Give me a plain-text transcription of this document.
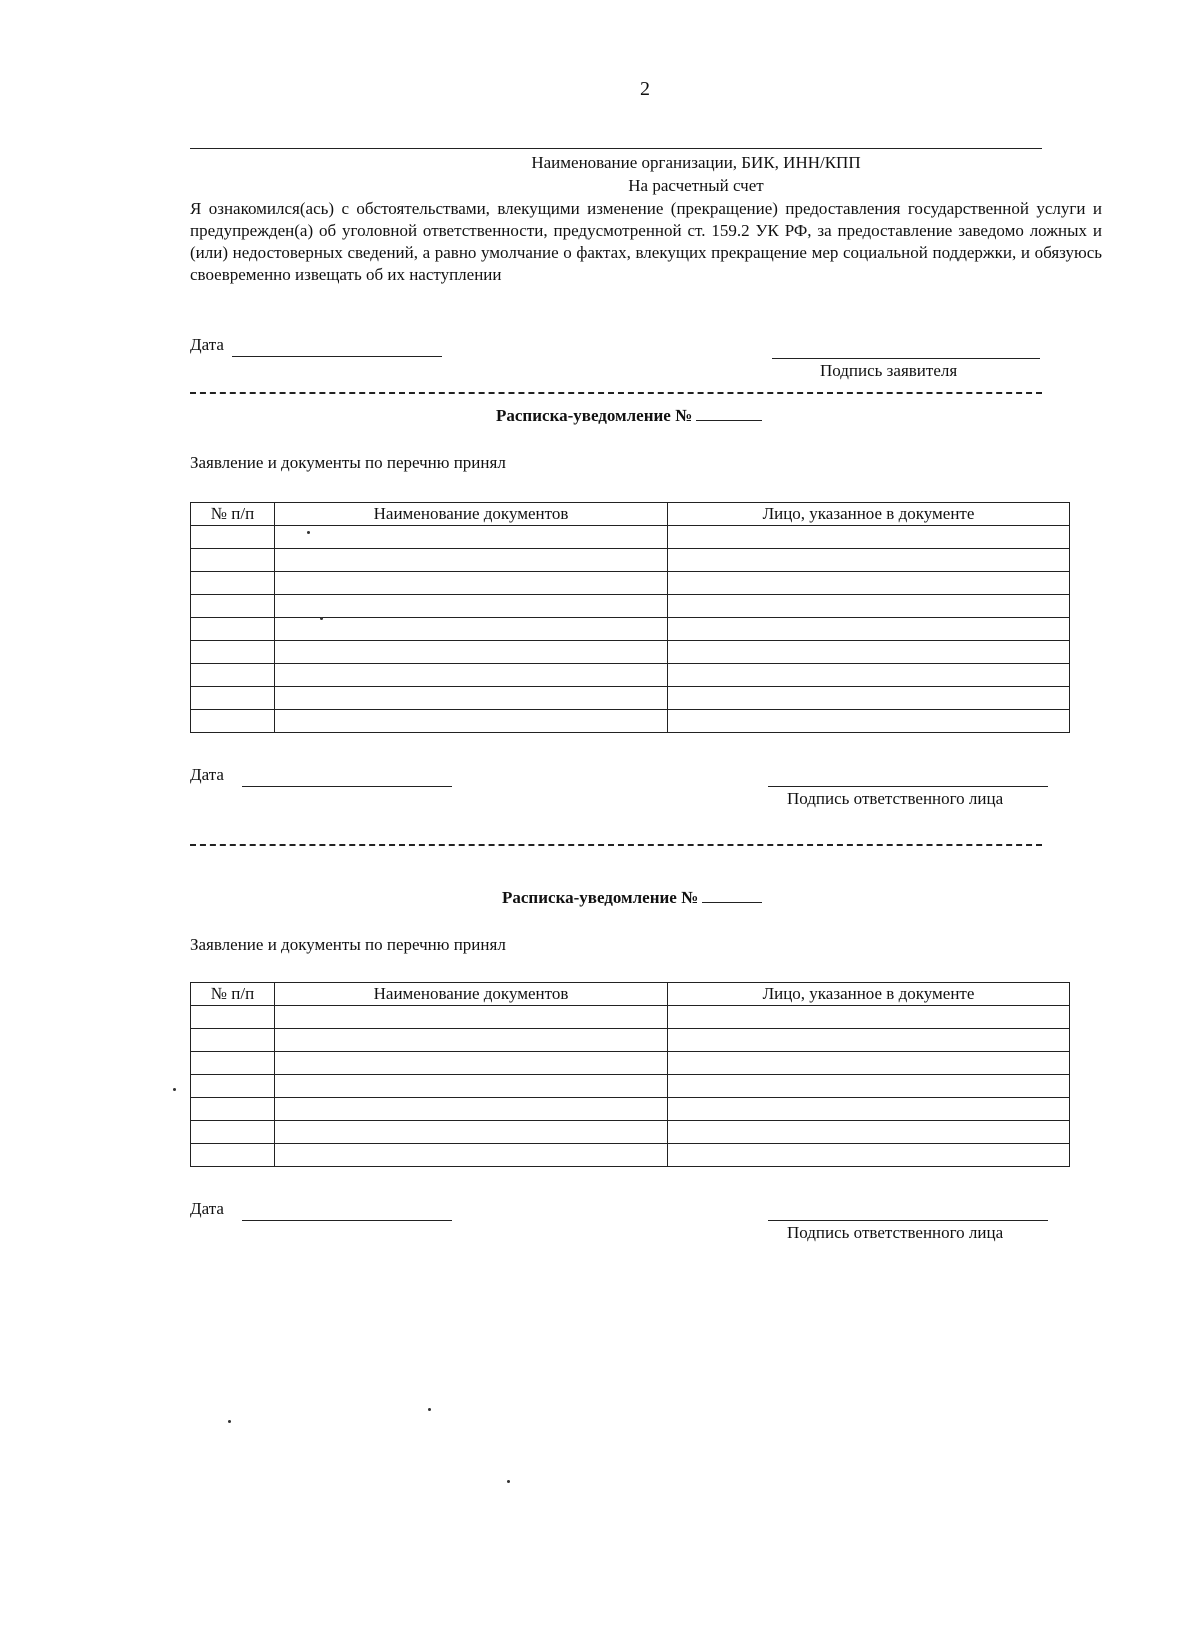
2
Наименование организации, БИК, ИНН/КПП
На расчетный счет
Я ознакомился(ась) с обстоятельствами, влекущими изменение (прекращение) предоставления государственной услуги и предупрежден(а) об уголовной ответственности, предусмотренной ст. 159.2 УК РФ, за предоставление заведомо ложных и (или) недостоверных сведений, а равно умолчание о фактах, влекущих прекращение мер социальной поддержки, и обязуюсь своевременно извещать об их наступлении
Дата
Подпись заявителя
Расписка-уведомление №
Заявление и документы по перечню принял
№ п/п	Наименование документов	Лицо, указанное в документе

Дата
Подпись ответственного лица
Расписка-уведомление №
Заявление и документы по перечню принял
№ п/п	Наименование документов	Лицо, указанное в документе

Дата
Подпись ответственного лица
